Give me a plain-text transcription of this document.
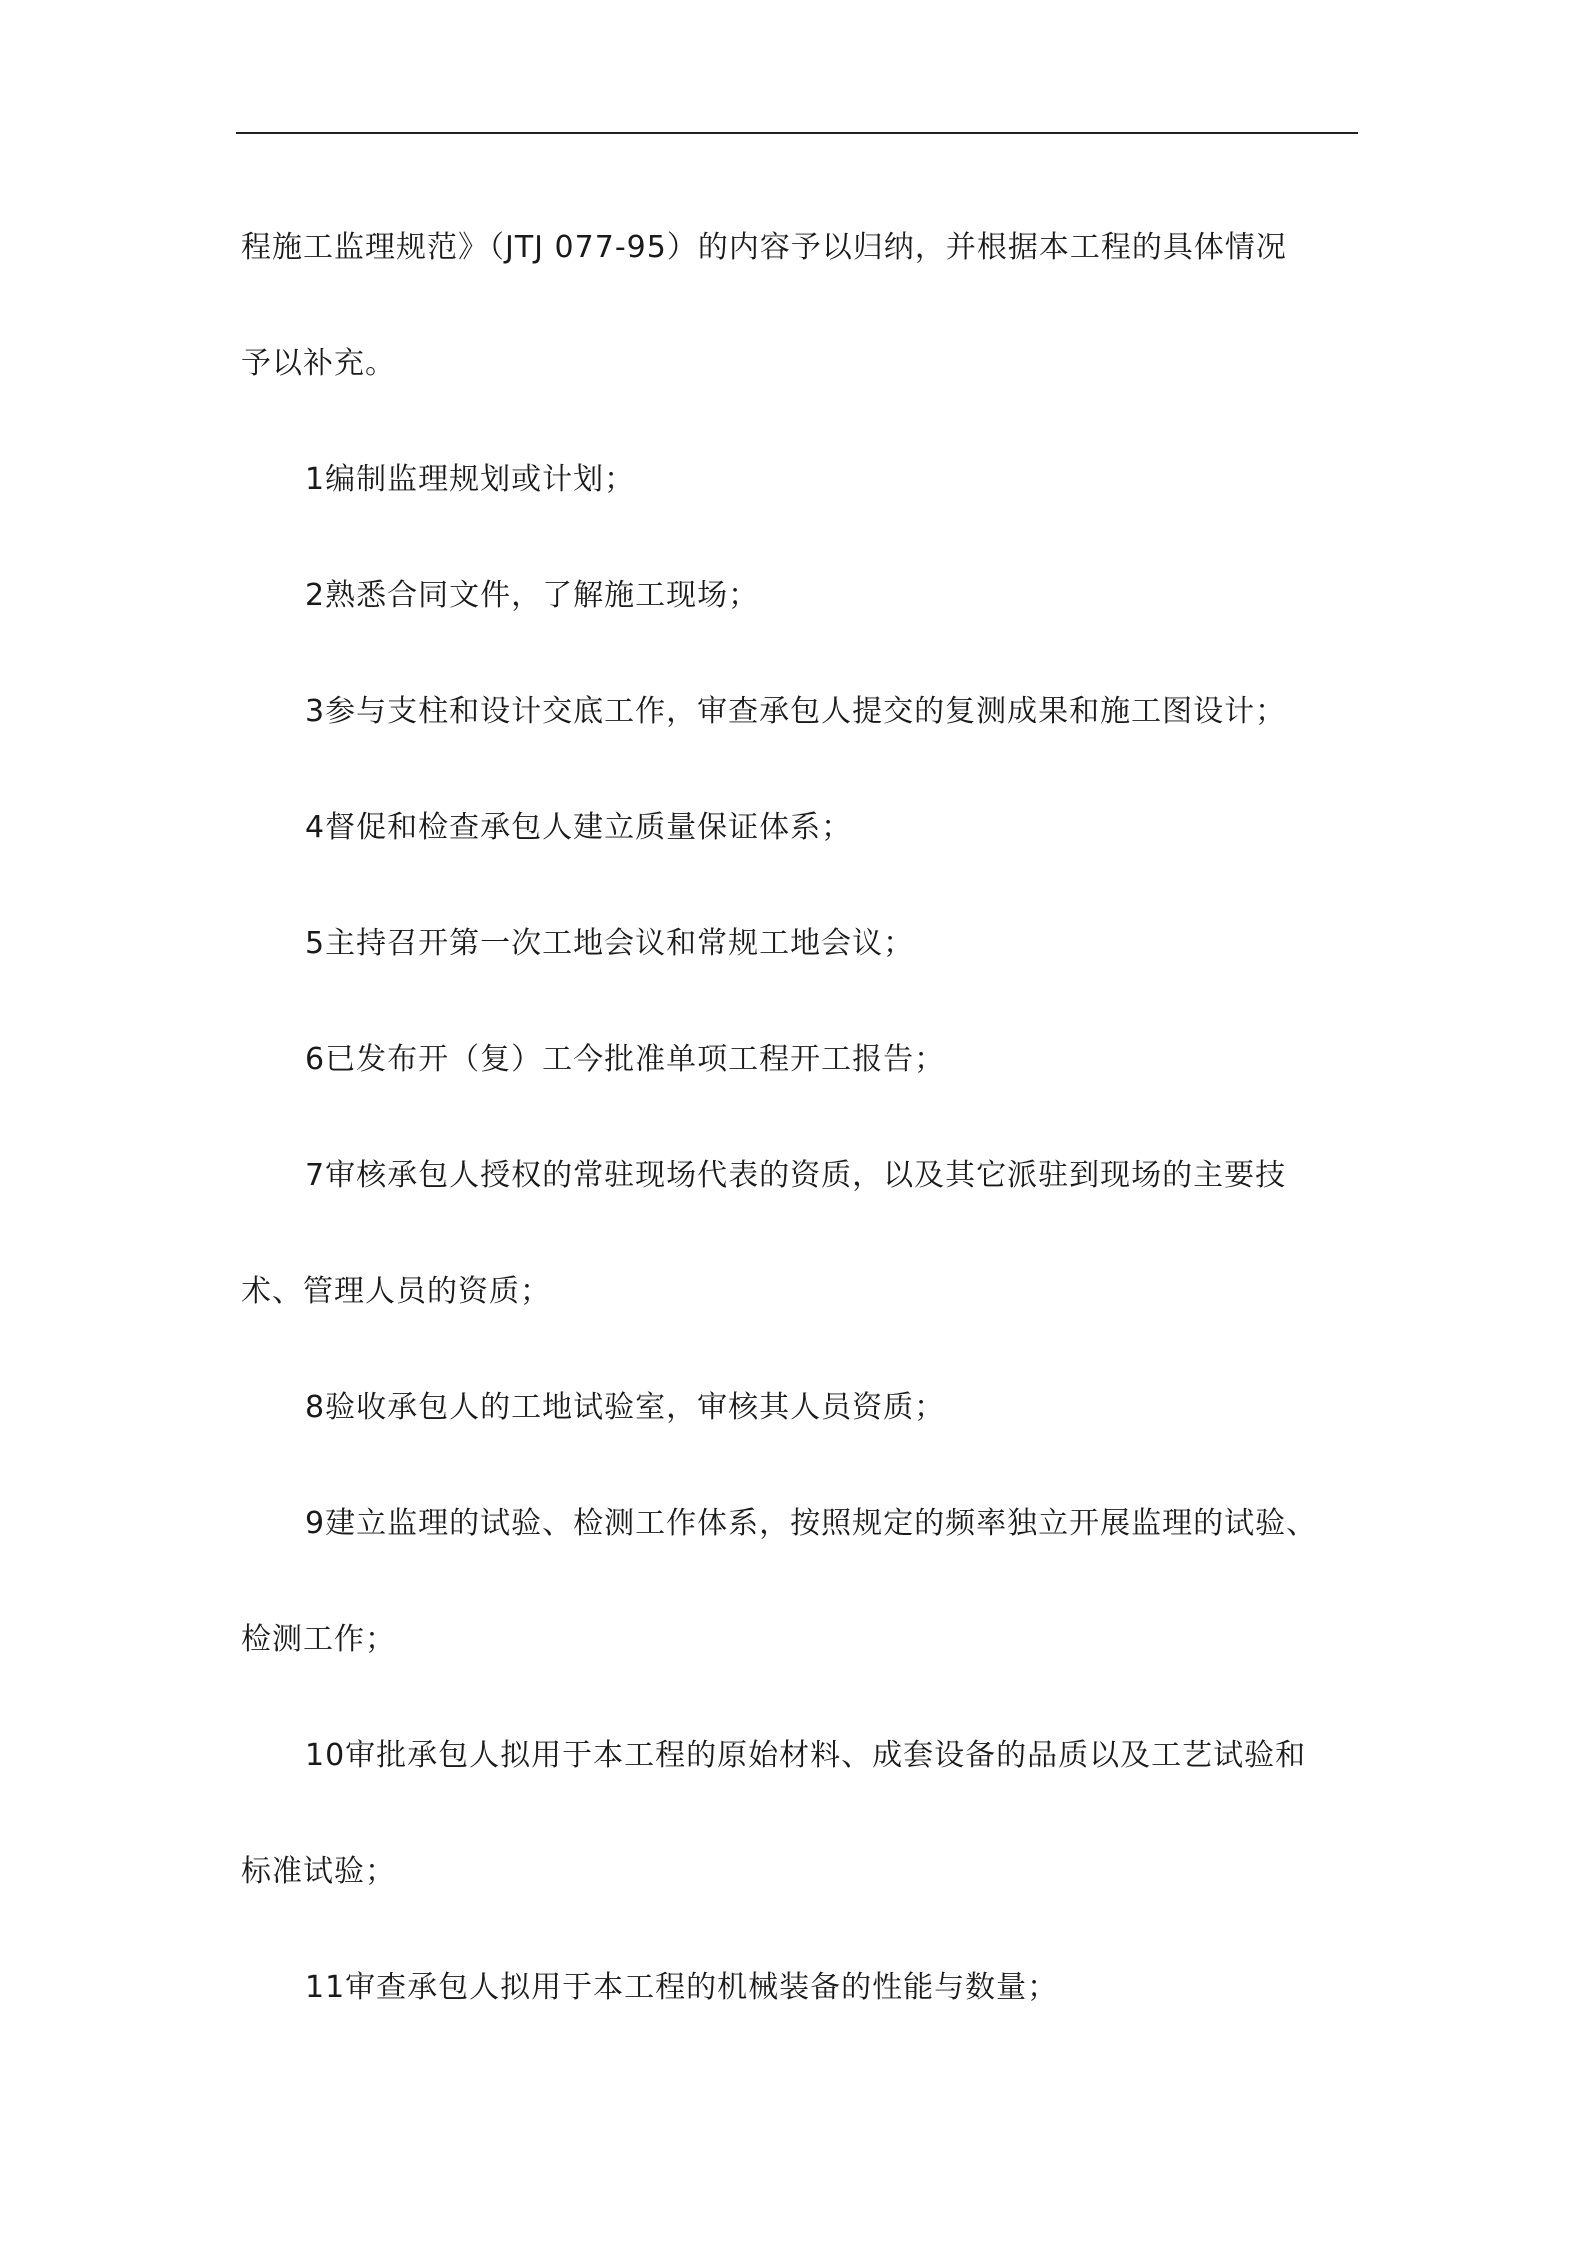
程施工监理规范》（JTJ 077-95）的内容予以归纳，并根据本工程的具体情况
予以补充。
1编制监理规划或计划；
2熟悉合同文件，了解施工现场；
3参与支柱和设计交底工作，审查承包人提交的复测成果和施工图设计；
4督促和检查承包人建立质量保证体系；
5主持召开第一次工地会议和常规工地会议；
6已发布开（复）工今批准单项工程开工报告；
7审核承包人授权的常驻现场代表的资质，以及其它派驻到现场的主要技
术、管理人员的资质；
8验收承包人的工地试验室，审核其人员资质；
9建立监理的试验、检测工作体系，按照规定的频率独立开展监理的试验、
检测工作；
10审批承包人拟用于本工程的原始材料、成套设备的品质以及工艺试验和
标准试验；
11审查承包人拟用于本工程的机械装备的性能与数量；
